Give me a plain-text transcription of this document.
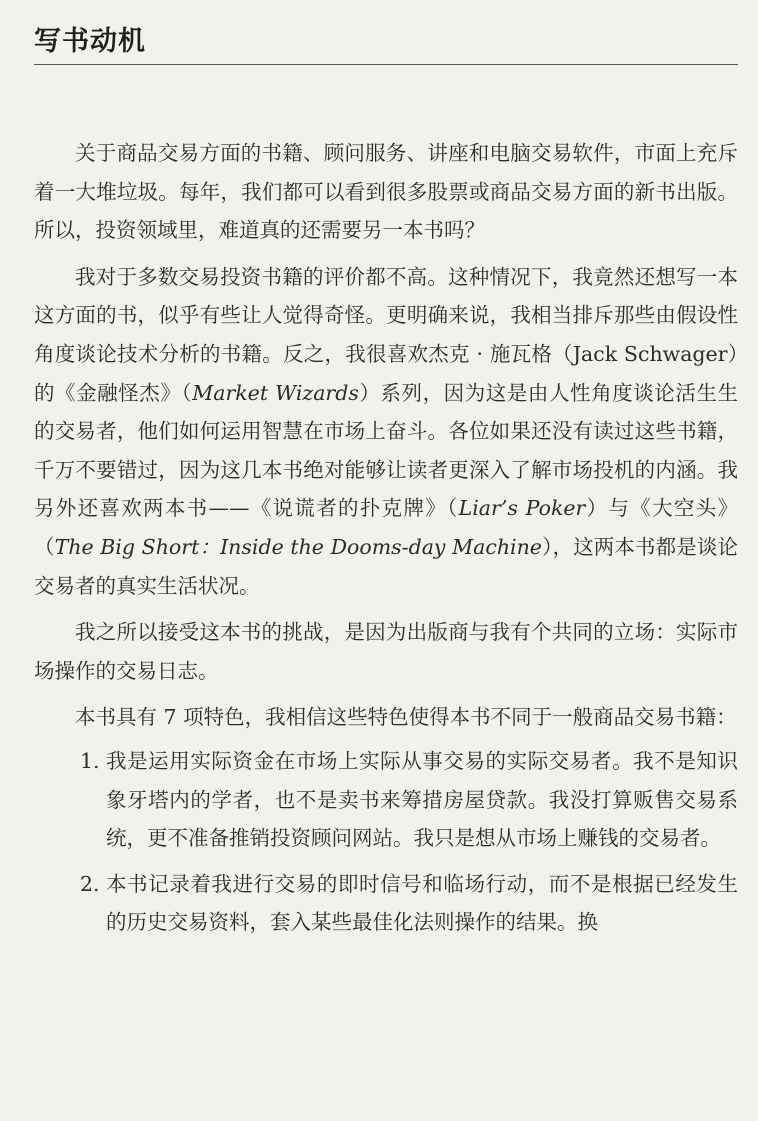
写书动机

关于商品交易方面的书籍、顾问服务、讲座和电脑交易软件，市面上充斥着一大堆垃圾。每年，我们都可以看到很多股票或商品交易方面的新书出版。所以，投资领域里，难道真的还需要另一本书吗？

我对于多数交易投资书籍的评价都不高。这种情况下，我竟然还想写一本这方面的书，似乎有些让人觉得奇怪。更明确来说，我相当排斥那些由假设性角度谈论技术分析的书籍。反之，我很喜欢杰克 · 施瓦格（Jack Schwager）的《金融怪杰》（Market Wizards）系列，因为这是由人性角度谈论活生生的交易者，他们如何运用智慧在市场上奋斗。各位如果还没有读过这些书籍，千万不要错过，因为这几本书绝对能够让读者更深入了解市场投机的内涵。我另外还喜欢两本书——《说谎者的扑克牌》（Liar’s Poker）与《大空头》（The Big Short：Inside the Dooms-day Machine），这两本书都是谈论交易者的真实生活状况。

我之所以接受这本书的挑战，是因为出版商与我有个共同的立场：实际市场操作的交易日志。

本书具有 7 项特色，我相信这些特色使得本书不同于一般商品交易书籍：

1. 我是运用实际资金在市场上实际从事交易的实际交易者。我不是知识象牙塔内的学者，也不是卖书来筹措房屋贷款。我没打算贩售交易系统，更不准备推销投资顾问网站。我只是想从市场上赚钱的交易者。
2. 本书记录着我进行交易的即时信号和临场行动，而不是根据已经发生的历史交易资料，套入某些最佳化法则操作的结果。换
